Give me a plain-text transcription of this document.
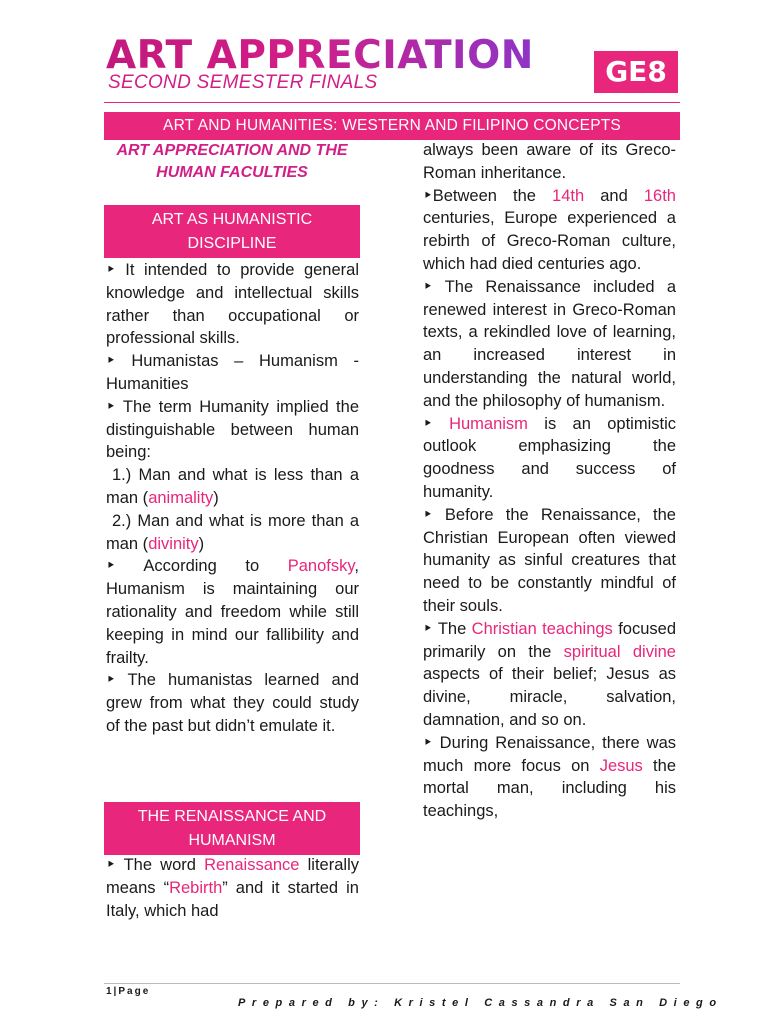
ART APPRECIATION
SECOND SEMESTER FINALS	GE8
ART AND HUMANITIES: WESTERN AND FILIPINO CONCEPTS
ART APPRECIATION AND THE
HUMAN FACULTIES
ART AS HUMANISTIC
DISCIPLINE

‣ It intended to provide general knowledge and intellectual skills rather than occupational or professional skills.

‣ Humanistas – Humanism - Humanities

‣ The term Humanity implied the distinguishable between human being:

1.) Man and what is less than a man (animality)

2.) Man and what is more than a man (divinity)

‣ According to Panofsky, Humanism is maintaining our rationality and freedom while still keeping in mind our fallibility and frailty.

‣ The humanistas learned and grew from what they could study of the past but didn’t emulate it.

THE RENAISSANCE AND
HUMANISM

‣ The word Renaissance literally means “Rebirth” and it started in Italy, which had

always been aware of its Greco-Roman inheritance.

‣Between the 14th and 16th centuries, Europe experienced a rebirth of Greco-Roman culture, which had died centuries ago.

‣ The Renaissance included a renewed interest in Greco-Roman texts, a rekindled love of learning, an increased interest in understanding the natural world, and the philosophy of humanism.

‣ Humanism is an optimistic outlook emphasizing the goodness and success of humanity.

‣ Before the Renaissance, the Christian European often viewed humanity as sinful creatures that need to be constantly mindful of their souls.

‣ The Christian teachings focused primarily on the spiritual divine aspects of their belief; Jesus as divine, miracle, salvation, damnation, and so on.

‣ During Renaissance, there was much more focus on Jesus the mortal man, including his teachings,

1|Page
Prepared by: Kristel Cassandra San Diego
